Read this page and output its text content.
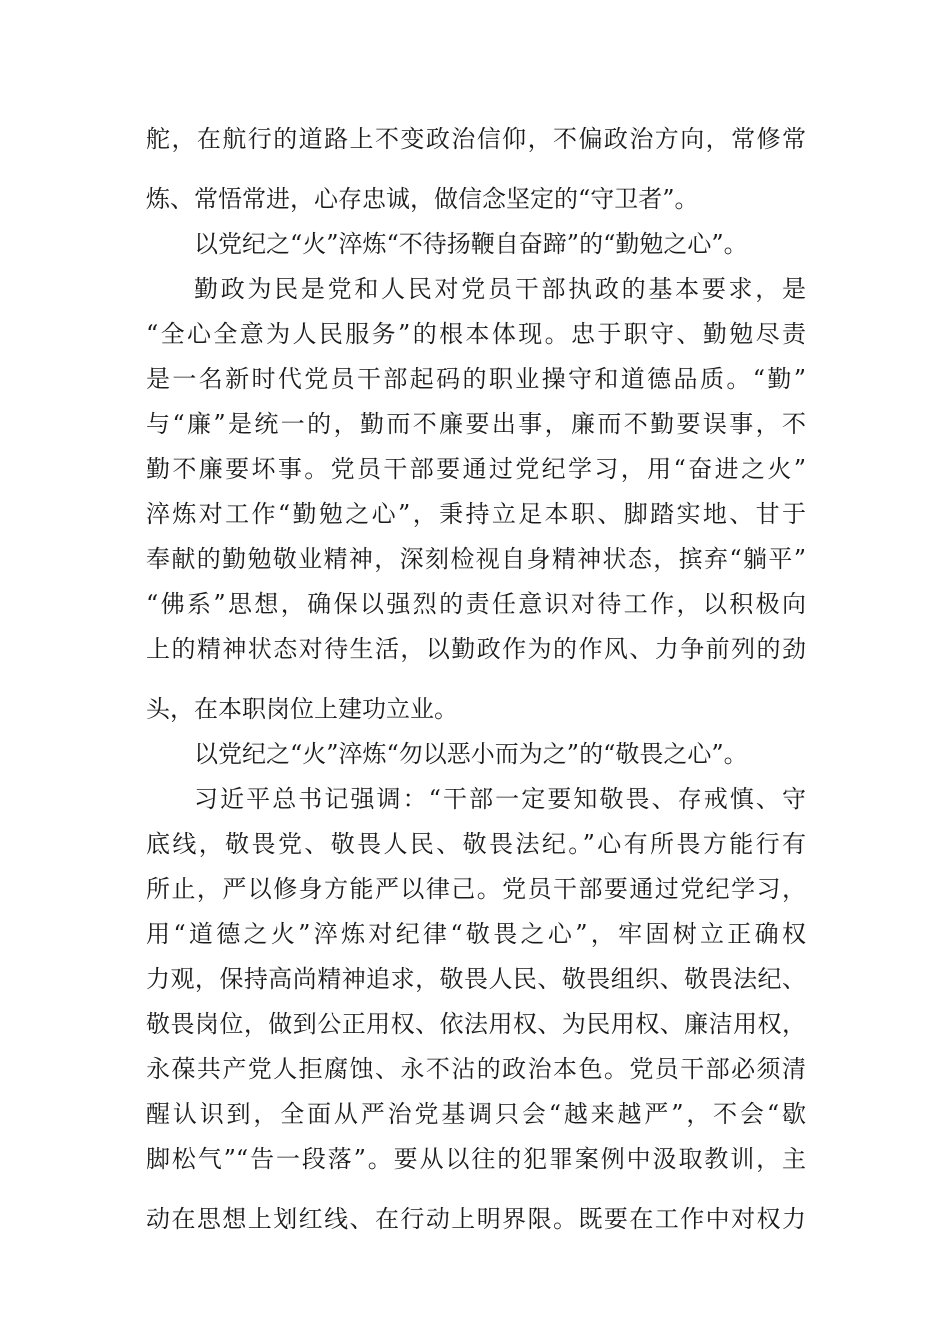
舵，在航行的道路上不变政治信仰，不偏政治方向，常修常
炼、常悟常进，心存忠诚，做信念坚定的“守卫者”。
以党纪之“火”淬炼“不待扬鞭自奋蹄”的“勤勉之心”。
勤政为民是党和人民对党员干部执政的基本要求，是
“全心全意为人民服务”的根本体现。忠于职守、勤勉尽责
是一名新时代党员干部起码的职业操守和道德品质。“勤”
与“廉”是统一的，勤而不廉要出事，廉而不勤要误事，不
勤不廉要坏事。党员干部要通过党纪学习，用“奋进之火”
淬炼对工作“勤勉之心”，秉持立足本职、脚踏实地、甘于
奉献的勤勉敬业精神，深刻检视自身精神状态，摈弃“躺平”
“佛系”思想，确保以强烈的责任意识对待工作，以积极向
上的精神状态对待生活，以勤政作为的作风、力争前列的劲
头，在本职岗位上建功立业。
以党纪之“火”淬炼“勿以恶小而为之”的“敬畏之心”。
习近平总书记强调：“干部一定要知敬畏、存戒慎、守
底线，敬畏党、敬畏人民、敬畏法纪。”心有所畏方能行有
所止，严以修身方能严以律己。党员干部要通过党纪学习，
用“道德之火”淬炼对纪律“敬畏之心”，牢固树立正确权
力观，保持高尚精神追求，敬畏人民、敬畏组织、敬畏法纪、
敬畏岗位，做到公正用权、依法用权、为民用权、廉洁用权，
永葆共产党人拒腐蚀、永不沾的政治本色。党员干部必须清
醒认识到，全面从严治党基调只会“越来越严”，不会“歇
脚松气”“告一段落”。要从以往的犯罪案例中汲取教训，主
动在思想上划红线、在行动上明界限。既要在工作中对权力
